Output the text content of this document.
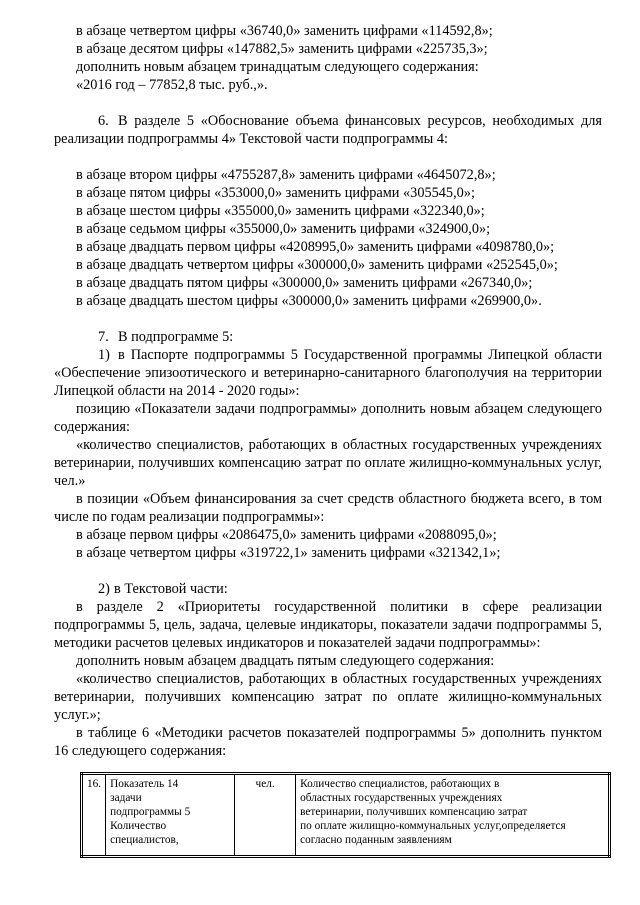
в абзаце четвертом цифры «36740,0» заменить цифрами «114592,8»;

в абзаце десятом цифры «147882,5» заменить цифрами «225735,3»;

дополнить новым абзацем тринадцатым следующего содержания:

«2016 год – 77852,8 тыс. руб.,».

6. В разделе 5 «Обоснование объема финансовых ресурсов, необходимых для реализации подпрограммы 4» Текстовой части подпрограммы 4:

в абзаце втором цифры «4755287,8» заменить цифрами «4645072,8»;

в абзаце пятом цифры «353000,0» заменить цифрами «305545,0»;

в абзаце шестом цифры «355000,0» заменить цифрами «322340,0»;

в абзаце седьмом цифры «355000,0» заменить цифрами «324900,0»;

в абзаце двадцать первом цифры «4208995,0» заменить цифрами «4098780,0»;

в абзаце двадцать четвертом цифры «300000,0» заменить цифрами «252545,0»;

в абзаце двадцать пятом цифры «300000,0» заменить цифрами «267340,0»;

в абзаце двадцать шестом цифры «300000,0» заменить цифрами «269900,0».

7. В подпрограмме 5:

1) в Паспорте подпрограммы 5 Государственной программы Липецкой области «Обеспечение эпизоотического и ветеринарно-санитарного благополучия на территории Липецкой области на 2014 - 2020 годы»:

позицию «Показатели задачи подпрограммы» дополнить новым абзацем следующего содержания:

«количество специалистов, работающих в областных государственных учреждениях ветеринарии, получивших компенсацию затрат по оплате жилищно-коммунальных услуг, чел.»

в позиции «Объем финансирования за счет средств областного бюджета всего, в том числе по годам реализации подпрограммы»:

в абзаце первом цифры «2086475,0» заменить цифрами «2088095,0»;

в абзаце четвертом цифры «319722,1» заменить цифрами «321342,1»;

2) в Текстовой части:

в разделе 2 «Приоритеты государственной политики в сфере реализации подпрограммы 5, цель, задача, целевые индикаторы, показатели задачи подпрограммы 5, методики расчетов целевых индикаторов и показателей задачи подпрограммы»:

дополнить новым абзацем двадцать пятым следующего содержания:

«количество специалистов, работающих в областных государственных учреждениях ветеринарии, получивших компенсацию затрат по оплате жилищно-коммунальных услуг.»;

в таблице 6 «Методики расчетов показателей подпрограммы 5» дополнить пунктом 16 следующего содержания:

16.	Показатель 14
задачи
подпрограммы 5
Количество
специалистов,
	чел.	Количество специалистов, работающих в
областных государственных учреждениях
ветеринарии, получивших компенсацию затрат
по оплате жилищно-коммунальных услуг,определяется
согласно поданным заявлениям
